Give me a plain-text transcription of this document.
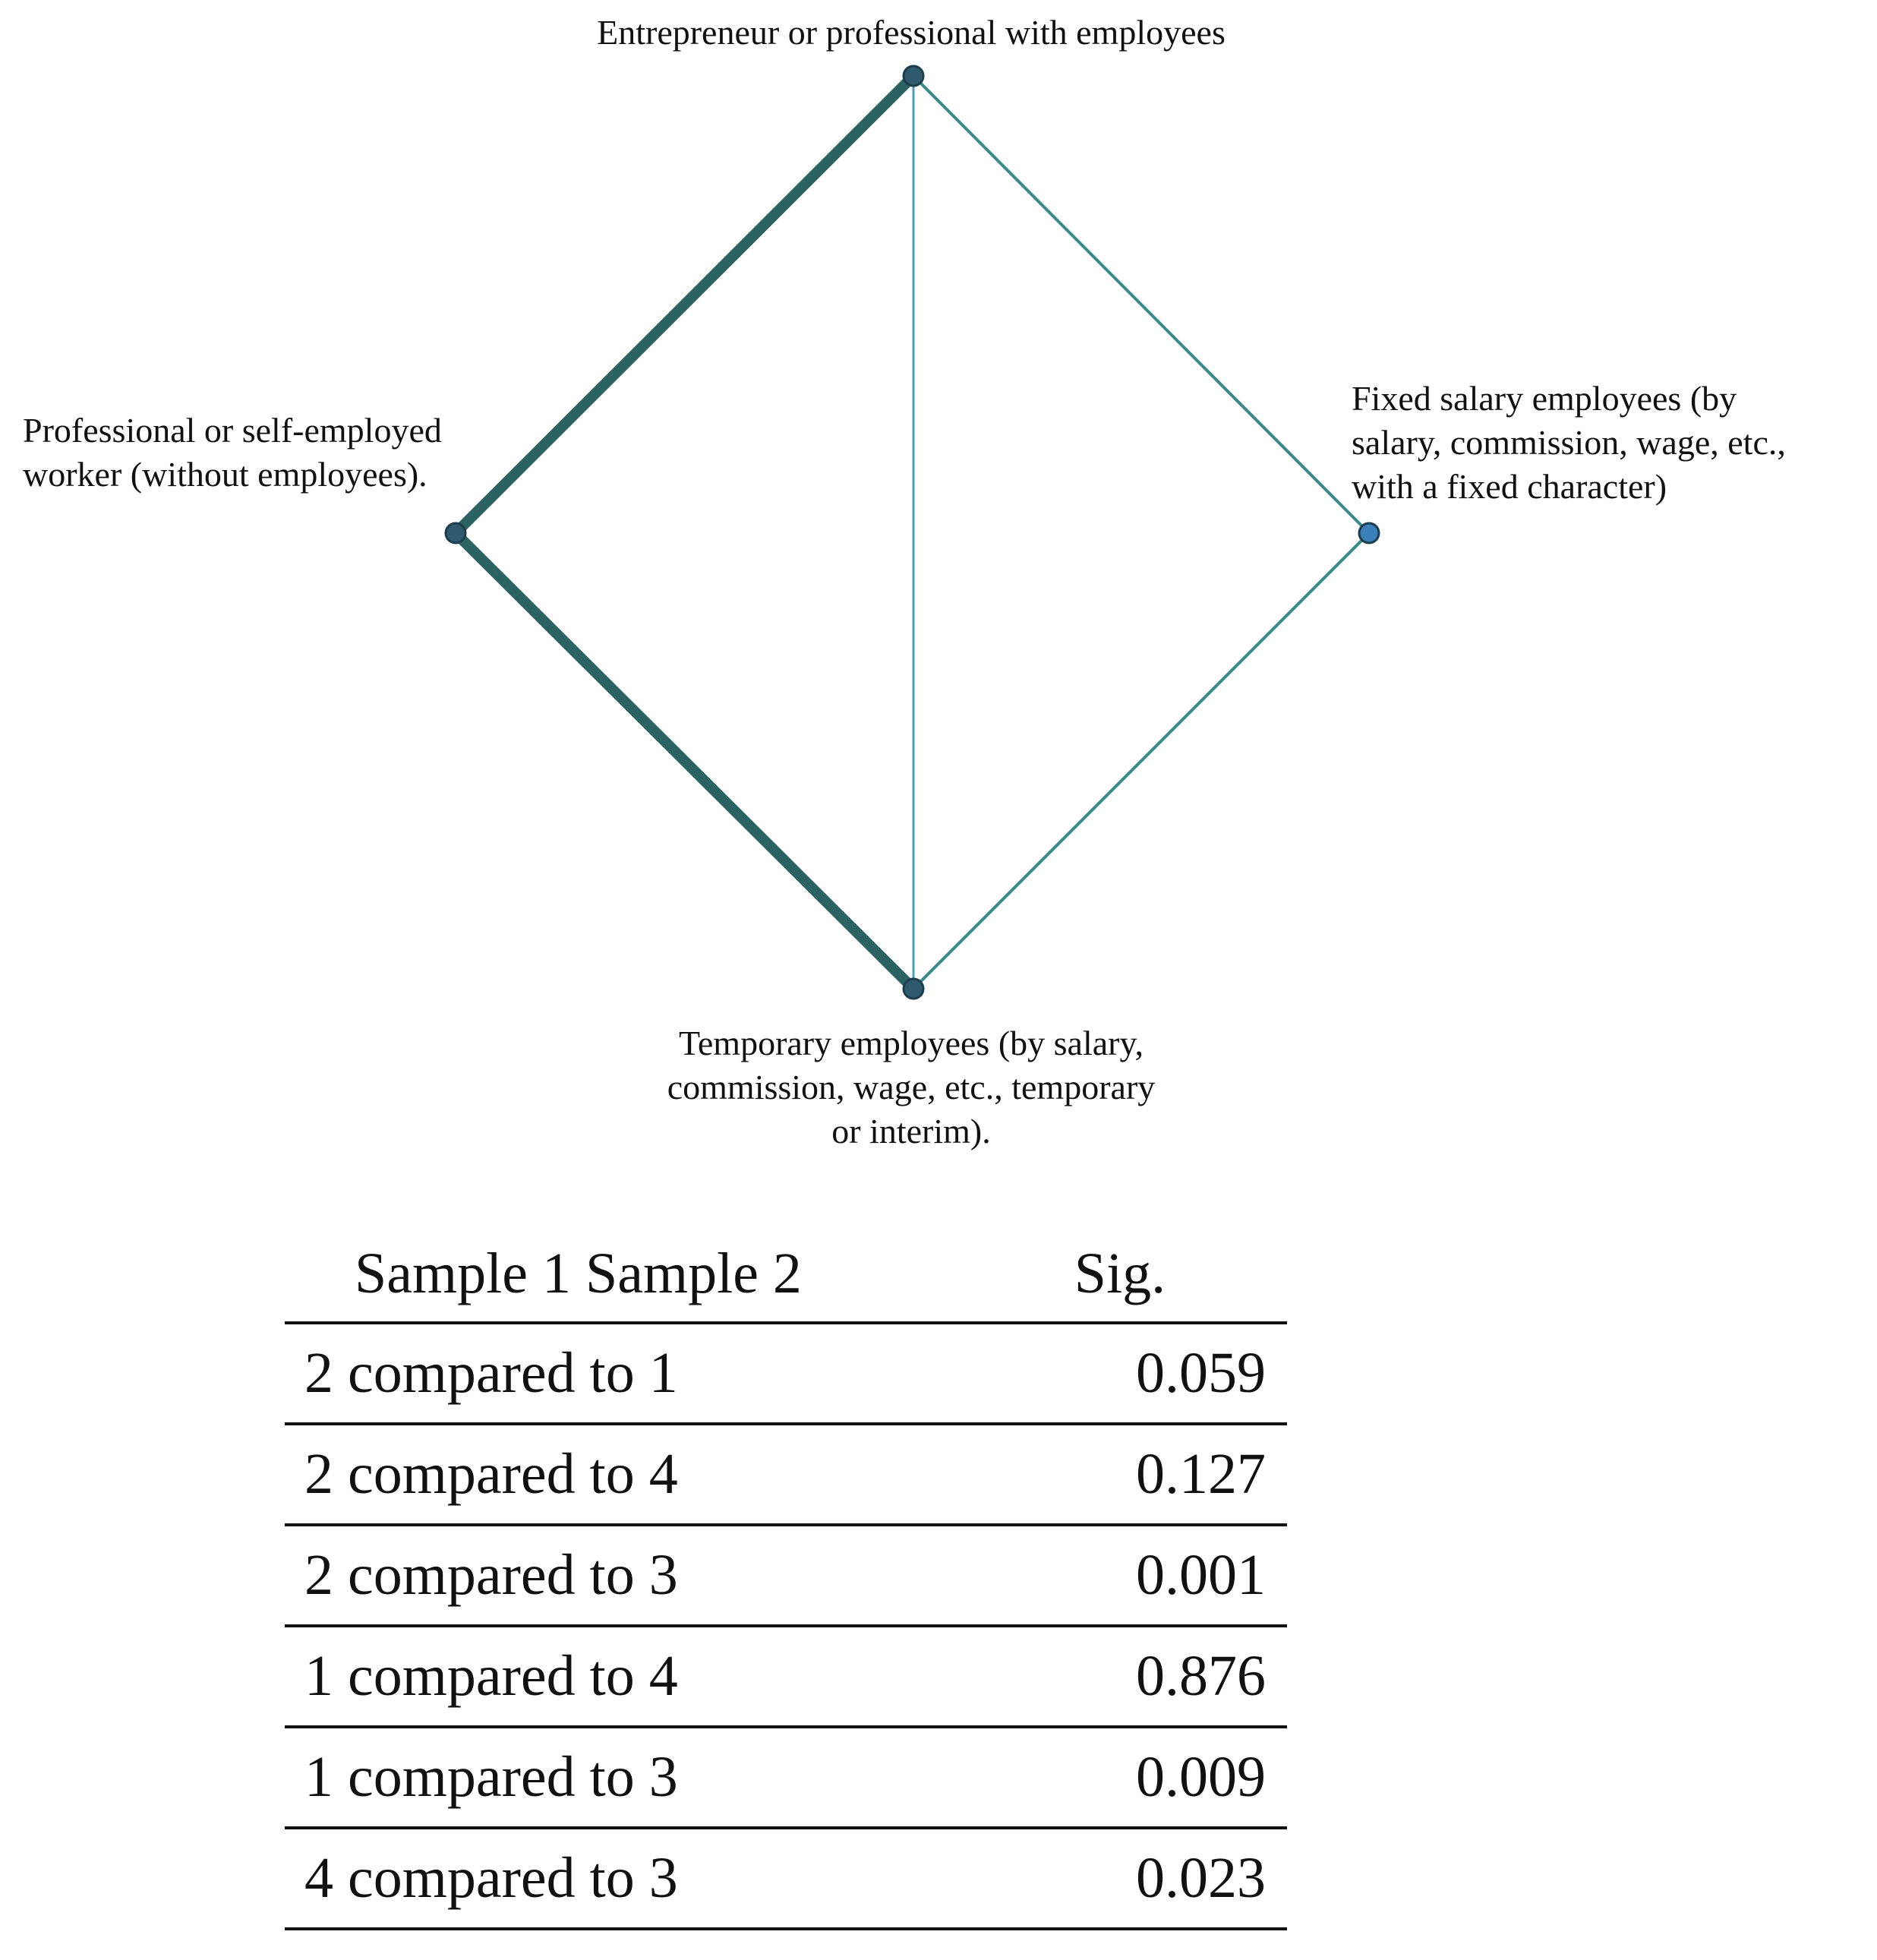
Entrepreneur or professional with employees
Professional or self-employed
worker (without employees).
Fixed salary employees (by
salary, commission, wage, etc.,
with a fixed character)
Temporary employees (by salary,
commission, wage, etc., temporary
or interim).
Sample 1 Sample 2	Sig.
2 compared to 1	0.059
2 compared to 4	0.127
2 compared to 3	0.001
1 compared to 4	0.876
1 compared to 3	0.009
4 compared to 3	0.023
